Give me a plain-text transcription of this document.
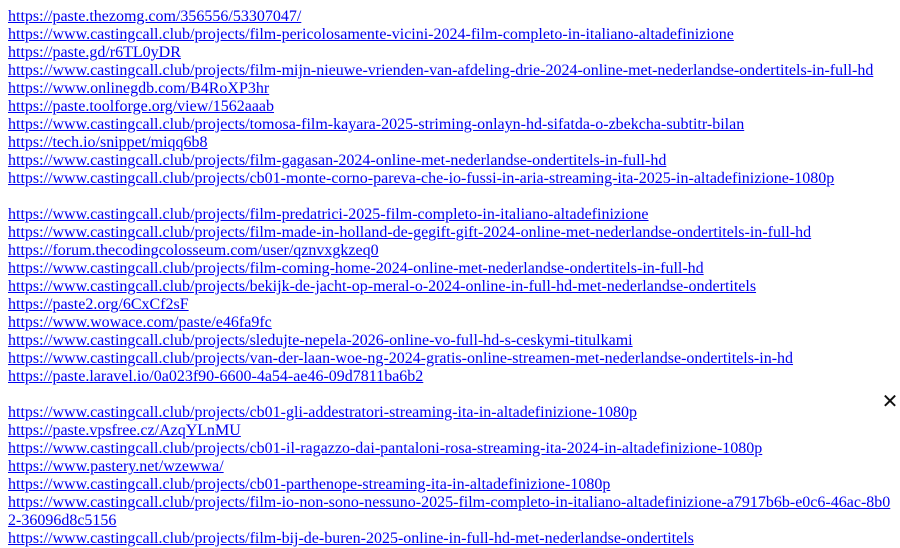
https://paste.thezomg.com/356556/53307047/
https://www.castingcall.club/projects/film-pericolosamente-vicini-2024-film-completo-in-italiano-altadefinizione
https://paste.gd/r6TL0yDR
https://www.castingcall.club/projects/film-mijn-nieuwe-vrienden-van-afdeling-drie-2024-online-met-nederlandse-ondertitels-in-full-hd
https://www.onlinegdb.com/B4RoXP3hr
https://paste.toolforge.org/view/1562aaab
https://www.castingcall.club/projects/tomosa-film-kayara-2025-striming-onlayn-hd-sifatda-o-zbekcha-subtitr-bilan
https://tech.io/snippet/miqq6b8
https://www.castingcall.club/projects/film-gagasan-2024-online-met-nederlandse-ondertitels-in-full-hd
https://www.castingcall.club/projects/cb01-monte-corno-pareva-che-io-fussi-in-aria-streaming-ita-2025-in-altadefinizione-1080p
https://www.castingcall.club/projects/film-predatrici-2025-film-completo-in-italiano-altadefinizione
https://www.castingcall.club/projects/film-made-in-holland-de-gegift-gift-2024-online-met-nederlandse-ondertitels-in-full-hd
https://forum.thecodingcolosseum.com/user/qznvxgkzeq0
https://www.castingcall.club/projects/film-coming-home-2024-online-met-nederlandse-ondertitels-in-full-hd
https://www.castingcall.club/projects/bekijk-de-jacht-op-meral-o-2024-online-in-full-hd-met-nederlandse-ondertitels
https://paste2.org/6CxCf2sF
https://www.wowace.com/paste/e46fa9fc
https://www.castingcall.club/projects/sledujte-nepela-2026-online-vo-full-hd-s-ceskymi-titulkami
https://www.castingcall.club/projects/van-der-laan-woe-ng-2024-gratis-online-streamen-met-nederlandse-ondertitels-in-hd
https://paste.laravel.io/0a023f90-6600-4a54-ae46-09d7811ba6b2
https://www.castingcall.club/projects/cb01-gli-addestratori-streaming-ita-in-altadefinizione-1080p
https://paste.vpsfree.cz/AzqYLnMU
https://www.castingcall.club/projects/cb01-il-ragazzo-dai-pantaloni-rosa-streaming-ita-2024-in-altadefinizione-1080p
https://www.pastery.net/wzewwa/
https://www.castingcall.club/projects/cb01-parthenope-streaming-ita-in-altadefinizione-1080p
https://www.castingcall.club/projects/film-io-non-sono-nessuno-2025-film-completo-in-italiano-altadefinizione-a7917b6b-e0c6-46ac-8b02-36096d8c5156
https://www.castingcall.club/projects/film-bij-de-buren-2025-online-in-full-hd-met-nederlandse-ondertitels
✕
